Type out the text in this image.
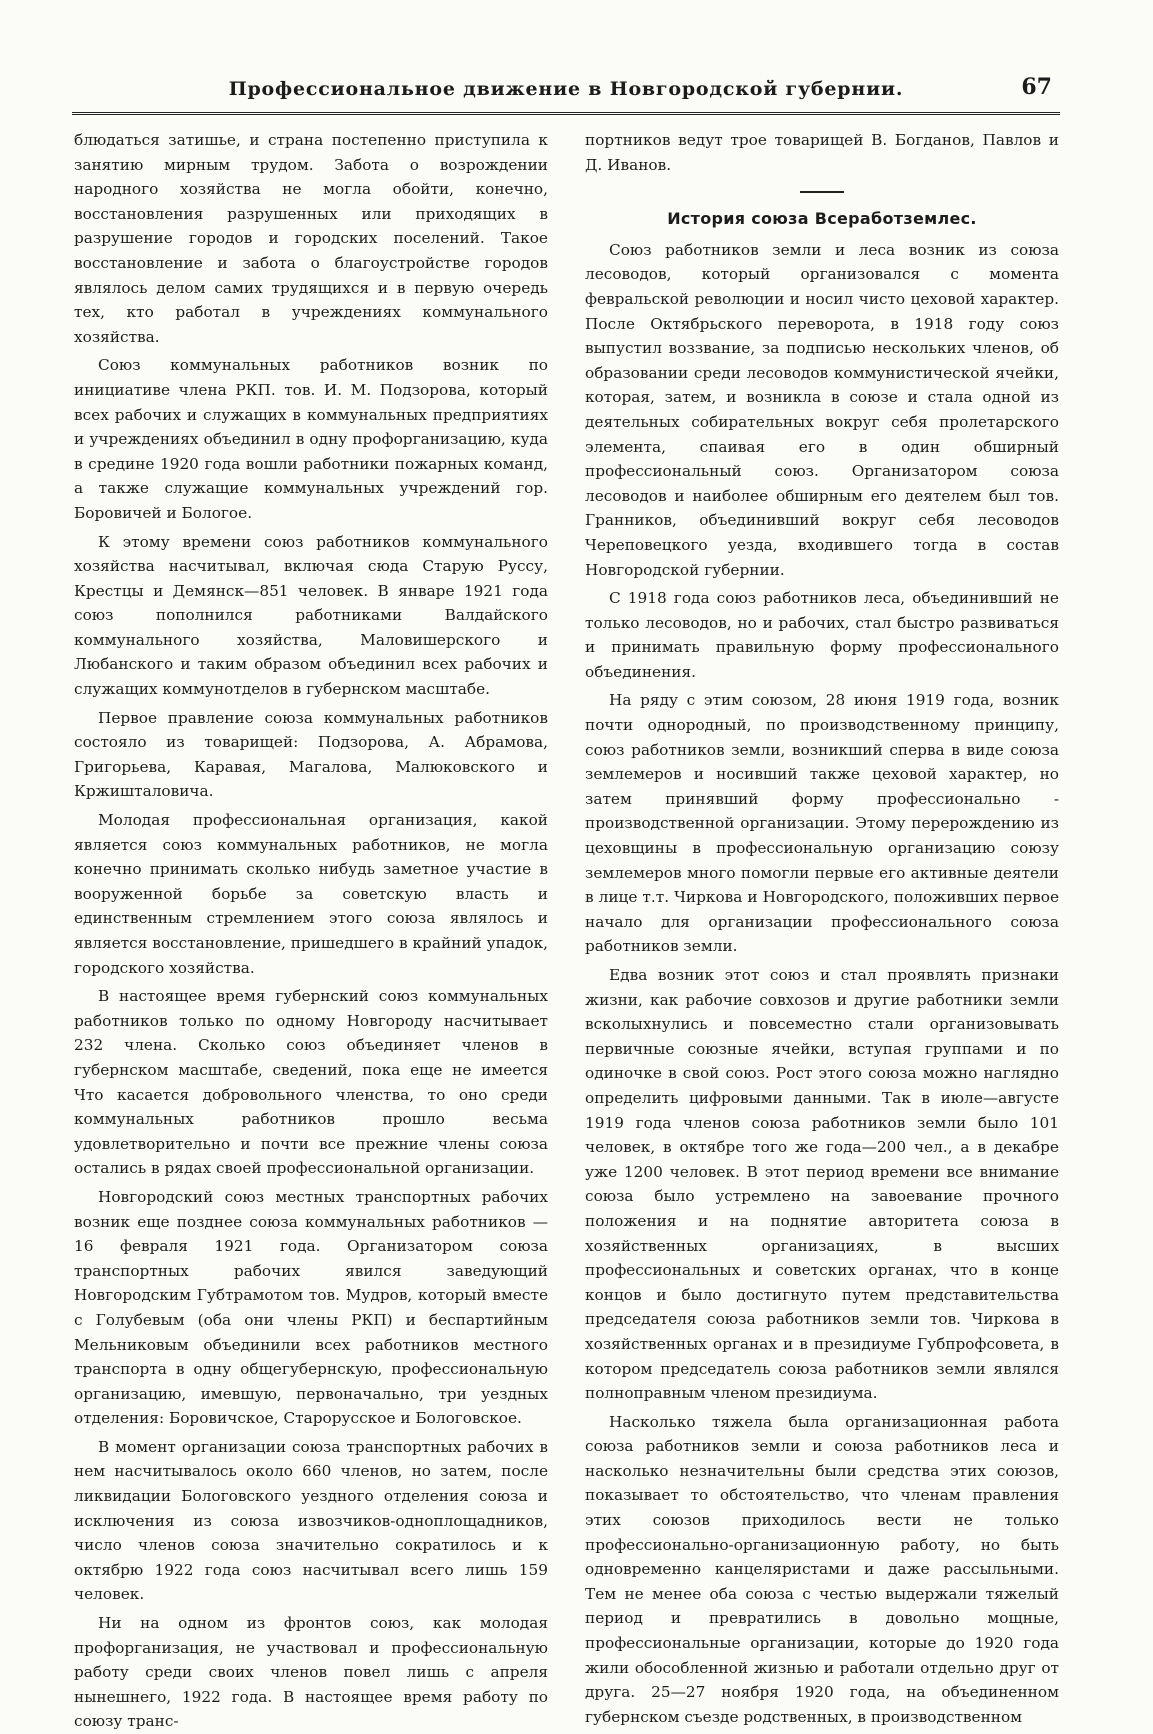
Профессиональное движение в Новгородской губернии.	67

блюдаться затишье, и страна постепенно приступила к занятию мирным трудом. Забота о возрождении народного хозяйства не могла обойти, конечно, восстановления разрушенных или приходящих в разрушение городов и городских поселений. Такое восстановление и забота о благоустройстве городов являлось делом самих трудящихся и в первую очередь тех, кто работал в учреждениях коммунального хозяйства.

Союз коммунальных работников возник по инициативе члена РКП. тов. И. М. Подзорова, который всех рабочих и служащих в коммунальных предприятиях и учреждениях объединил в одну профорганизацию, куда в средине 1920 года вошли работники пожарных команд, а также служащие коммунальных учреждений гор. Боровичей и Бологое.

К этому времени союз работников коммунального хозяйства насчитывал, включая сюда Старую Руссу, Крестцы и Демянск—851 человек. В январе 1921 года союз пополнился работниками Валдайского коммунального хозяйства, Маловишерского и Любанского и таким образом объединил всех рабочих и служащих коммунотделов в губернском масштабе.

Первое правление союза коммунальных работников состояло из товарищей: Подзорова, А. Абрамова, Григорьева, Каравая, Магалова, Малюковского и Кржишталовича.

Молодая профессиональная организация, какой является союз коммунальных работников, не могла конечно принимать сколько нибудь заметное участие в вооруженной борьбе за советскую власть и единственным стремлением этого союза являлось и является восстановление, пришедшего в крайний упадок, городского хозяйства.

В настоящее время губернский союз коммунальных работников только по одному Новгороду насчитывает 232 члена. Сколько союз объединяет членов в губернском масштабе, сведений, пока еще не имеется Что касается добровольного членства, то оно среди коммунальных работников прошло весьма удовлетворительно и почти все прежние члены союза остались в рядах своей профессиональной организации.

Новгородский союз местных транспортных рабочих возник еще позднее союза коммунальных работников — 16 февраля 1921 года. Организатором союза транспортных рабочих явился заведующий Новгородским Губтрамотом тов. Мудров, который вместе с Голубевым (оба они члены РКП) и беспартийным Мельниковым объединили всех работников местного транспорта в одну общегубернскую, профессиональную организацию, имевшую, первоначально, три уездных отделения: Боровичское, Старорусское и Бологовское.

В момент организации союза транспортных рабочих в нем насчитывалось около 660 членов, но затем, после ликвидации Бологовского уездного отделения союза и исключения из союза извозчиков-одноплощадников, число членов союза значительно сократилось и к октябрю 1922 года союз насчитывал всего лишь 159 человек.

Ни на одном из фронтов союз, как молодая профорганизация, не участвовал и профессиональную работу среди своих членов повел лишь с апреля нынешнего, 1922 года. В настоящее время работу по союзу транс-

портников ведут трое товарищей В. Богданов, Павлов и Д. Иванов.

История союза Всеработземлес.

Союз работников земли и леса возник из союза лесоводов, который организовался с момента февральской революции и носил чисто цеховой характер. После Октябрьского переворота, в 1918 году союз выпустил воззвание, за подписью нескольких членов, об образовании среди лесоводов коммунистической ячейки, которая, затем, и возникла в союзе и стала одной из деятельных собирательных вокруг себя пролетарского элемента, спаивая его в один обширный профессиональный союз. Организатором союза лесоводов и наиболее обширным его деятелем был тов. Гранников, объединивший вокруг себя лесоводов Череповецкого уезда, входившего тогда в состав Новгородской губернии.

С 1918 года союз работников леса, объединивший не только лесоводов, но и рабочих, стал быстро развиваться и принимать правильную форму профессионального объединения.

На ряду с этим союзом, 28 июня 1919 года, возник почти однородный, по производственному принципу, союз работников земли, возникший сперва в виде союза землемеров и носивший также цеховой характер, но затем принявший форму профессионально - производственной организации. Этому перерождению из цеховщины в профессиональную организацию союзу землемеров много помогли первые его активные деятели в лице т.т. Чиркова и Новгородского, положивших первое начало для организации профессионального союза работников земли.

Едва возник этот союз и стал проявлять признаки жизни, как рабочие совхозов и другие работники земли всколыхнулись и повсеместно стали организовывать первичные союзные ячейки, вступая группами и по одиночке в свой союз. Рост этого союза можно наглядно определить цифровыми данными. Так в июле—августе 1919 года членов союза работников земли было 101 человек, в октябре того же года—200 чел., а в декабре уже 1200 человек. В этот период времени все внимание союза было устремлено на завоевание прочного положения и на поднятие авторитета союза в хозяйственных организациях, в высших профессиональных и советских органах, что в конце концов и было достигнуто путем представительства председателя союза работников земли тов. Чиркова в хозяйственных органах и в президиуме Губпрофсовета, в котором председатель союза работников земли являлся полноправным членом президиума.

Насколько тяжела была организационная работа союза работников земли и союза работников леса и насколько незначительны были средства этих союзов, показывает то обстоятельство, что членам правления этих союзов приходилось вести не только профессионально-организационную работу, но быть одновременно канцеляристами и даже рассыльными. Тем не менее оба союза с честью выдержали тяжелый период и превратились в довольно мощные, профессиональные организации, которые до 1920 года жили обособленной жизнью и работали отдельно друг от друга. 25—27 ноября 1920 года, на объединенном губернском съезде родственных, в производственном
